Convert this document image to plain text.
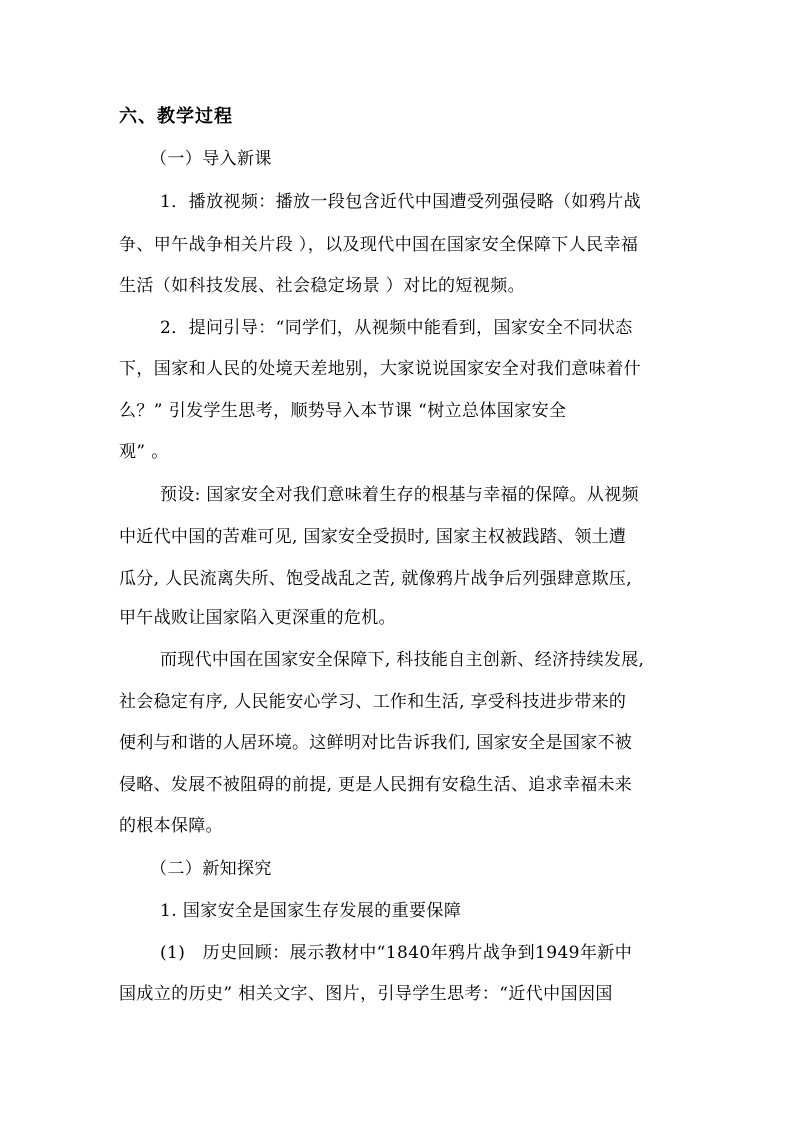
六、教学过程
（一）导入新课
1．播放视频：播放一段包含近代中国遭受列强侵略（如鸦片战
争、甲午战争相关片段 ），以及现代中国在国家安全保障下人民幸福
生活（如科技发展、社会稳定场景 ）对比的短视频。
2．提问引导：“同学们，从视频中能看到，国家安全不同状态
下，国家和人民的处境天差地别，大家说说国家安全对我们意味着什
么？” 引发学生思考，顺势导入本节课 “树立总体国家安全
观” 。
预设: 国家安全对我们意味着生存的根基与幸福的保障。从视频
中近代中国的苦难可见, 国家安全受损时, 国家主权被践踏、领土遭
瓜分, 人民流离失所、饱受战乱之苦, 就像鸦片战争后列强肆意欺压,
甲午战败让国家陷入更深重的危机。
而现代中国在国家安全保障下, 科技能自主创新、经济持续发展,
社会稳定有序, 人民能安心学习、工作和生活, 享受科技进步带来的
便利与和谐的人居环境。这鲜明对比告诉我们, 国家安全是国家不被
侵略、发展不被阻碍的前提, 更是人民拥有安稳生活、追求幸福未来
的根本保障。
（二）新知探究
1. 国家安全是国家生存发展的重要保障
(1)　历史回顾：展示教材中“1840年鸦片战争到1949年新中
国成立的历史” 相关文字、图片，引导学生思考：“近代中国因国
